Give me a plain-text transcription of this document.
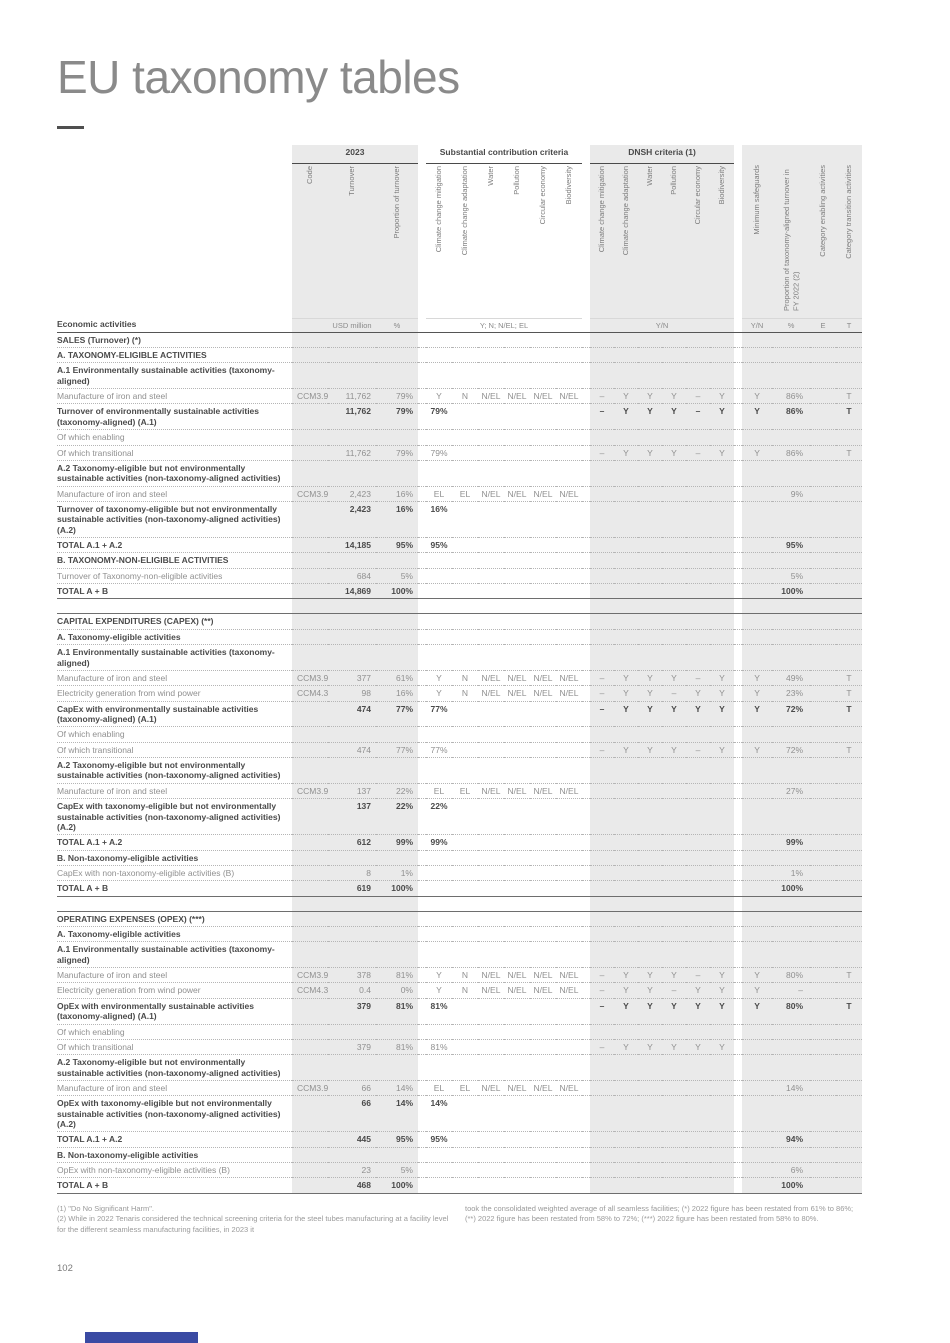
EU taxonomy tables
Economic activities	2023				Substantial contribution criteria							DNSH criteria (1)										
	Code	Turnover	Proportion of turnover		Climate change mitigation	Climate change adaptation	Water	Pollution	Circular economy	Biodiversity		Climate change mitigation	Climate change adaptation	Water	Pollution	Circular economy	Biodiversity		Minimum safeguards	Proportion of taxonomy-aligned turnover in FY 2022 (2)	Category enabling activities	Category transition activities
		USD million	%		Y; N; N/EL; EL							Y/N							Y/N	%	E	T
SALES (Turnover) (*)																						
A. TAXONOMY-ELIGIBLE ACTIVITIES																						
A.1 Environmentally sustainable activities (taxonomy-aligned)																						
Manufacture of iron and steel	CCM3.9	11,762	79%		Y	N	N/EL	N/EL	N/EL	N/EL		–	Y	Y	Y	–	Y		Y	86%		T
Turnover of environmentally sustainable activities (taxonomy-aligned) (A.1)		11,762	79%		79%							–	Y	Y	Y	–	Y		Y	86%		T
Of which enabling																						
Of which transitional		11,762	79%		79%							–	Y	Y	Y	–	Y		Y	86%		T
A.2 Taxonomy-eligible but not environmentally sustainable activities (non-taxonomy-aligned activities)																						
Manufacture of iron and steel	CCM3.9	2,423	16%		EL	EL	N/EL	N/EL	N/EL	N/EL										9%		
Turnover of taxonomy-eligible but not environmentally sustainable activities (non-taxonomy-aligned activities) (A.2)		2,423	16%		16%																	
TOTAL A.1 + A.2		14,185	95%		95%															95%		
B. TAXONOMY-NON-ELIGIBLE ACTIVITIES																						
Turnover of Taxonomy-non-eligible activities		684	5%																	5%		
TOTAL A + B		14,869	100%																	100%		

CAPITAL EXPENDITURES (CAPEX) (**)																						
A. Taxonomy-eligible activities																						
A.1 Environmentally sustainable activities (taxonomy-aligned)																						
Manufacture of iron and steel	CCM3.9	377	61%		Y	N	N/EL	N/EL	N/EL	N/EL		–	Y	Y	Y	–	Y		Y	49%		T
Electricity generation from wind power	CCM4.3	98	16%		Y	N	N/EL	N/EL	N/EL	N/EL		–	Y	Y	–	Y	Y		Y	23%		T
CapEx with environmentally sustainable activities (taxonomy-aligned) (A.1)		474	77%		77%							–	Y	Y	Y	Y	Y		Y	72%		T
Of which enabling																						
Of which transitional		474	77%		77%							–	Y	Y	Y	–	Y		Y	72%		T
A.2 Taxonomy-eligible but not environmentally sustainable activities (non-taxonomy-aligned activities)																						
Manufacture of iron and steel	CCM3.9	137	22%		EL	EL	N/EL	N/EL	N/EL	N/EL										27%		
CapEx with taxonomy-eligible but not environmentally sustainable activities (non-taxonomy-aligned activities) (A.2)		137	22%		22%																	
TOTAL A.1 + A.2		612	99%		99%															99%		
B. Non-taxonomy-eligible activities																						
CapEx with non-taxonomy-eligible activities (B)		8	1%																	1%		
TOTAL A + B		619	100%																	100%		

OPERATING EXPENSES (OPEX) (***)																						
A. Taxonomy-eligible activities																						
A.1 Environmentally sustainable activities (taxonomy-aligned)																						
Manufacture of iron and steel	CCM3.9	378	81%		Y	N	N/EL	N/EL	N/EL	N/EL		–	Y	Y	Y	–	Y		Y	80%		T
Electricity generation from wind power	CCM4.3	0.4	0%		Y	N	N/EL	N/EL	N/EL	N/EL		–	Y	Y	–	Y	Y		Y	–		
OpEx with environmentally sustainable activities (taxonomy-aligned) (A.1)		379	81%		81%							–	Y	Y	Y	Y	Y		Y	80%		T
Of which enabling																						
Of which transitional		379	81%		81%							–	Y	Y	Y	Y	Y					
A.2 Taxonomy-eligible but not environmentally sustainable activities (non-taxonomy-aligned activities)																						
Manufacture of iron and steel	CCM3.9	66	14%		EL	EL	N/EL	N/EL	N/EL	N/EL										14%		
OpEx with taxonomy-eligible but not environmentally sustainable activities (non-taxonomy-aligned activities) (A.2)		66	14%		14%																	
TOTAL A.1 + A.2		445	95%		95%															94%		
B. Non-taxonomy-eligible activities																						
OpEx with non-taxonomy-eligible activities (B)		23	5%																	6%		
TOTAL A + B		468	100%																	100%		

(1) "Do No Significant Harm".

(2) While in 2022 Tenaris considered the technical screening criteria for the steel tubes manufacturing at a facility level for the different seamless manufacturing facilities, in 2023 it

took the consolidated weighted average of all seamless facilities; (*) 2022 figure has been restated from 61% to 86%; (**) 2022 figure has been restated from 58% to 72%; (***) 2022 figure has been restated from 58% to 80%.

102
